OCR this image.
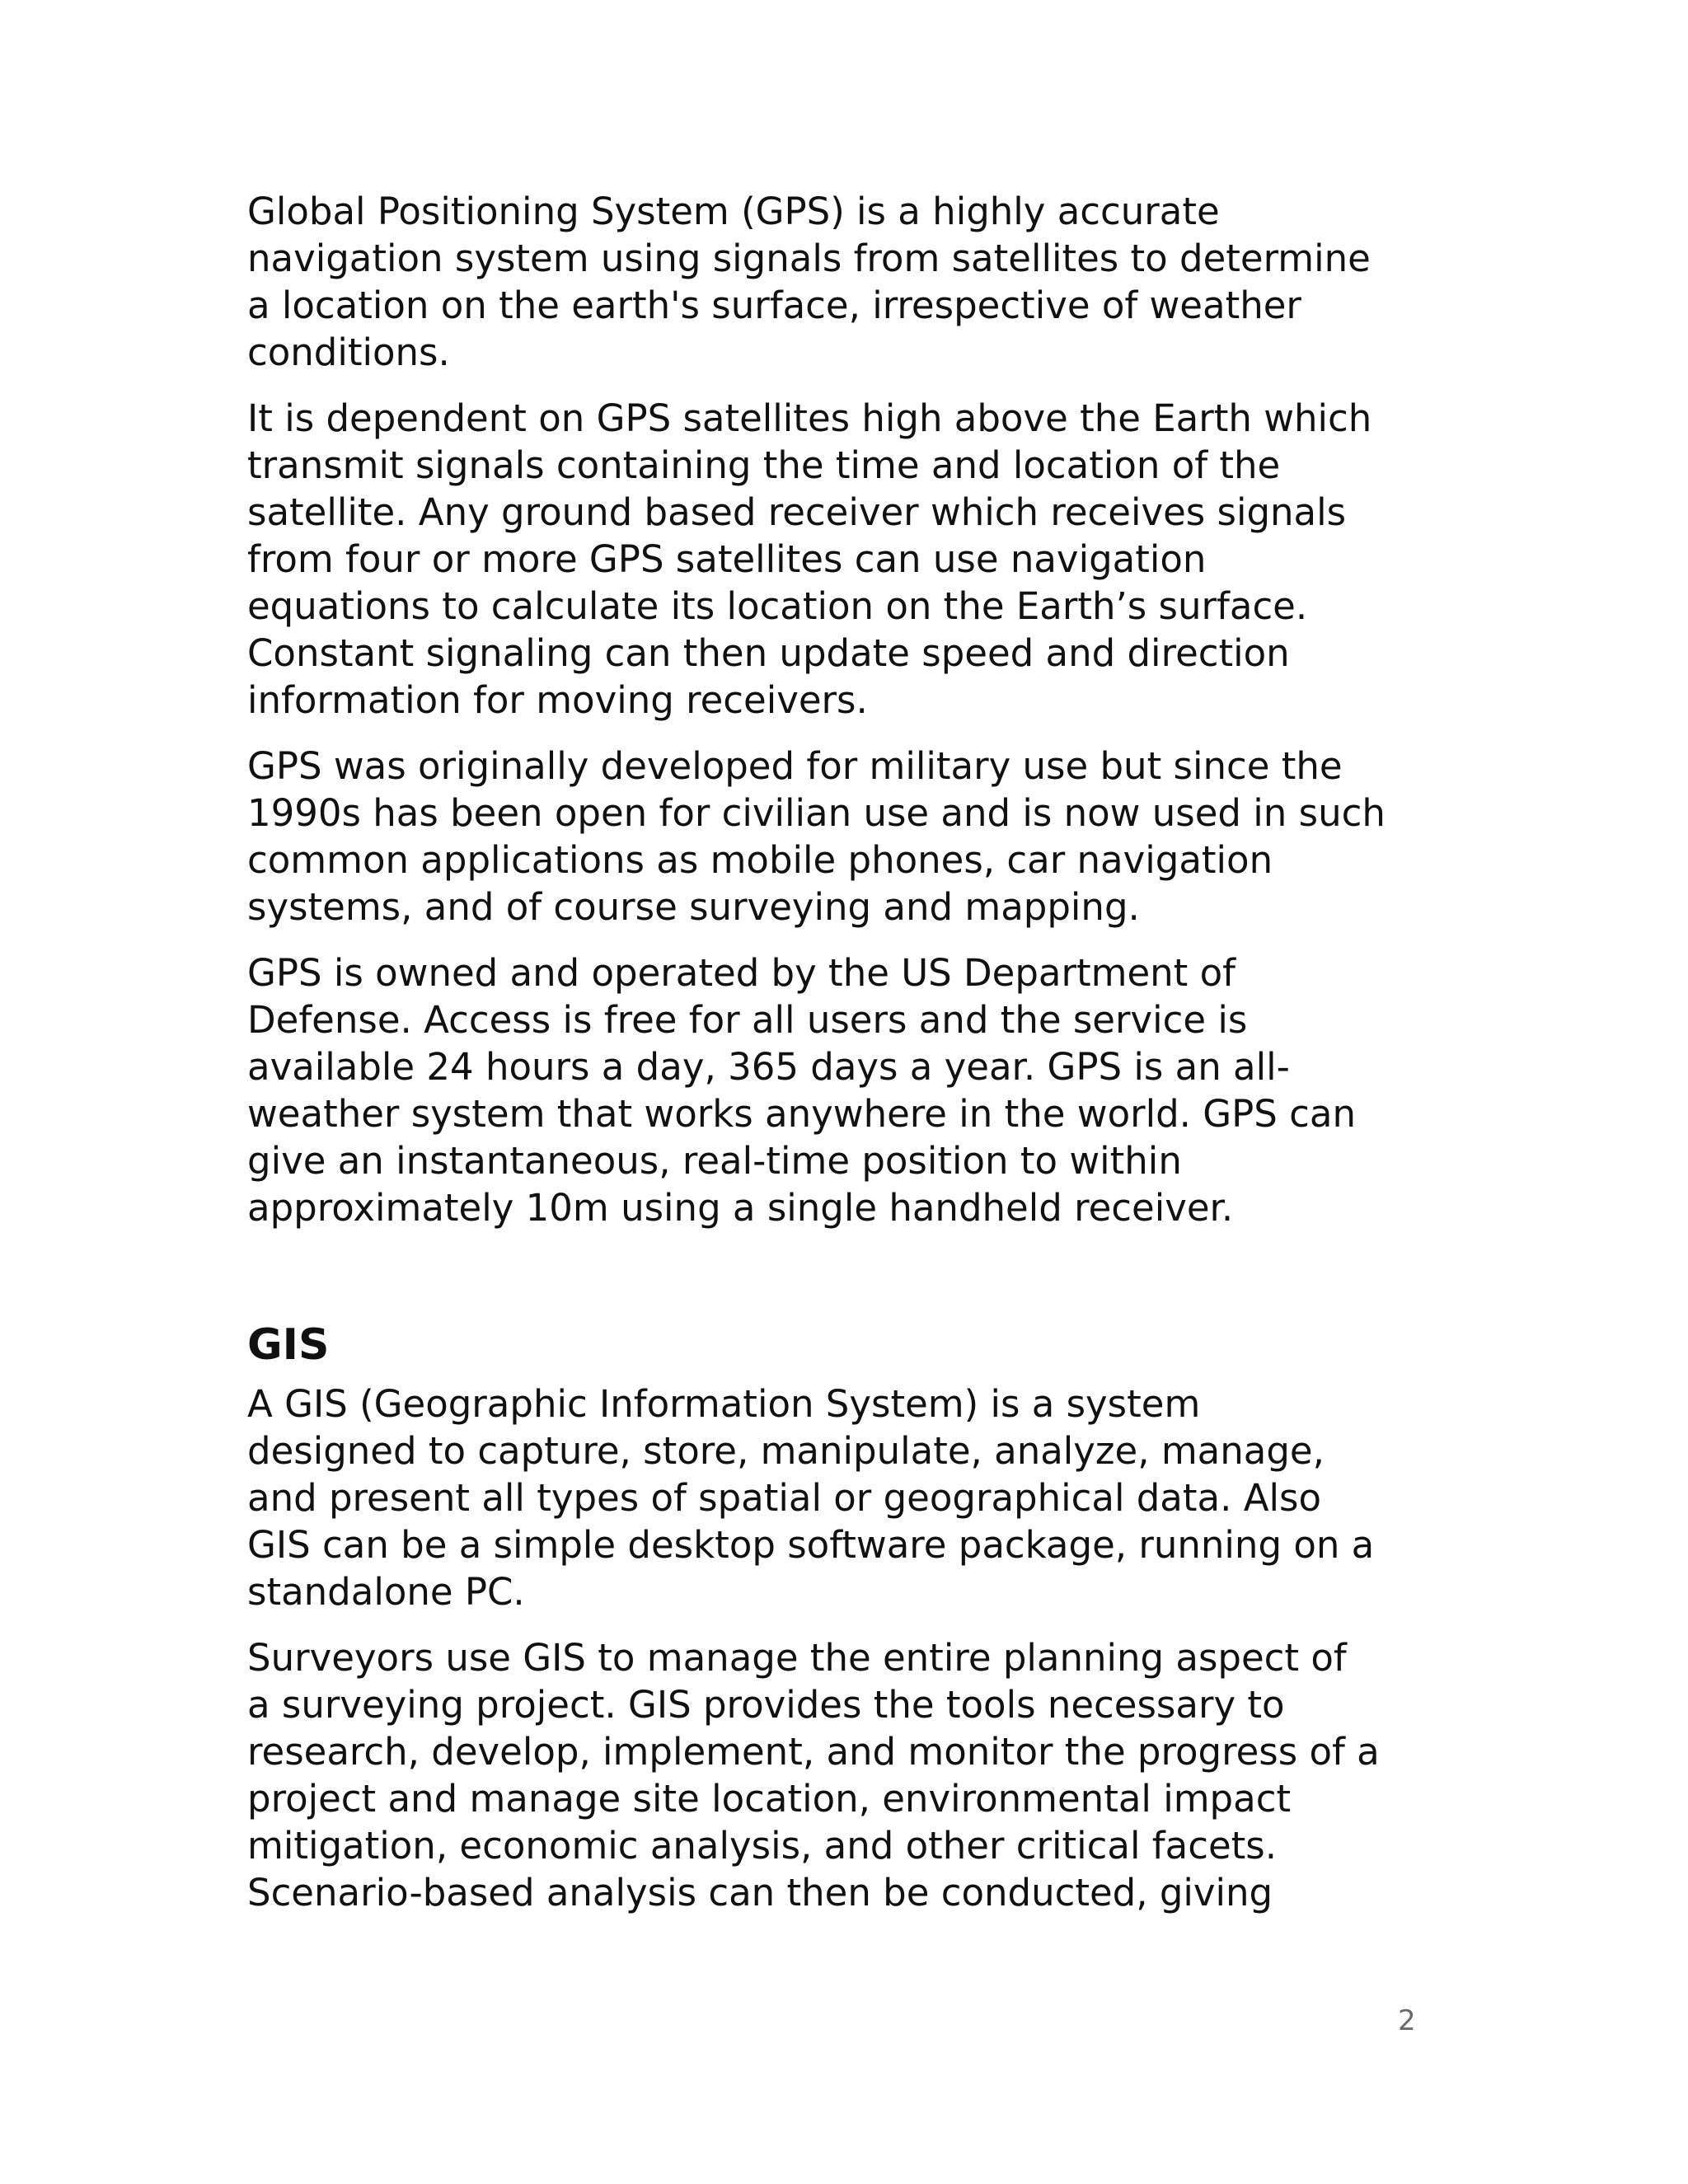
Global Positioning System (GPS) is a highly accurate
navigation system using signals from satellites to determine
a location on the earth's surface, irrespective of weather
conditions.
It is dependent on GPS satellites high above the Earth which
transmit signals containing the time and location of the
satellite. Any ground based receiver which receives signals
from four or more GPS satellites can use navigation
equations to calculate its location on the Earth’s surface.
Constant signaling can then update speed and direction
information for moving receivers.
GPS was originally developed for military use but since the
1990s has been open for civilian use and is now used in such
common applications as mobile phones, car navigation
systems, and of course surveying and mapping.
GPS is owned and operated by the US Department of
Defense. Access is free for all users and the service is
available 24 hours a day, 365 days a year. GPS is an all-
weather system that works anywhere in the world. GPS can
give an instantaneous, real-time position to within
approximately 10m using a single handheld receiver.
GIS
A GIS (Geographic Information System) is a system
designed to capture, store, manipulate, analyze, manage,
and present all types of spatial or geographical data. Also
GIS can be a simple desktop software package, running on a
standalone PC.
Surveyors use GIS to manage the entire planning aspect of
a surveying project. GIS provides the tools necessary to
research, develop, implement, and monitor the progress of a
project and manage site location, environmental impact
mitigation, economic analysis, and other critical facets.
Scenario-based analysis can then be conducted, giving
2
